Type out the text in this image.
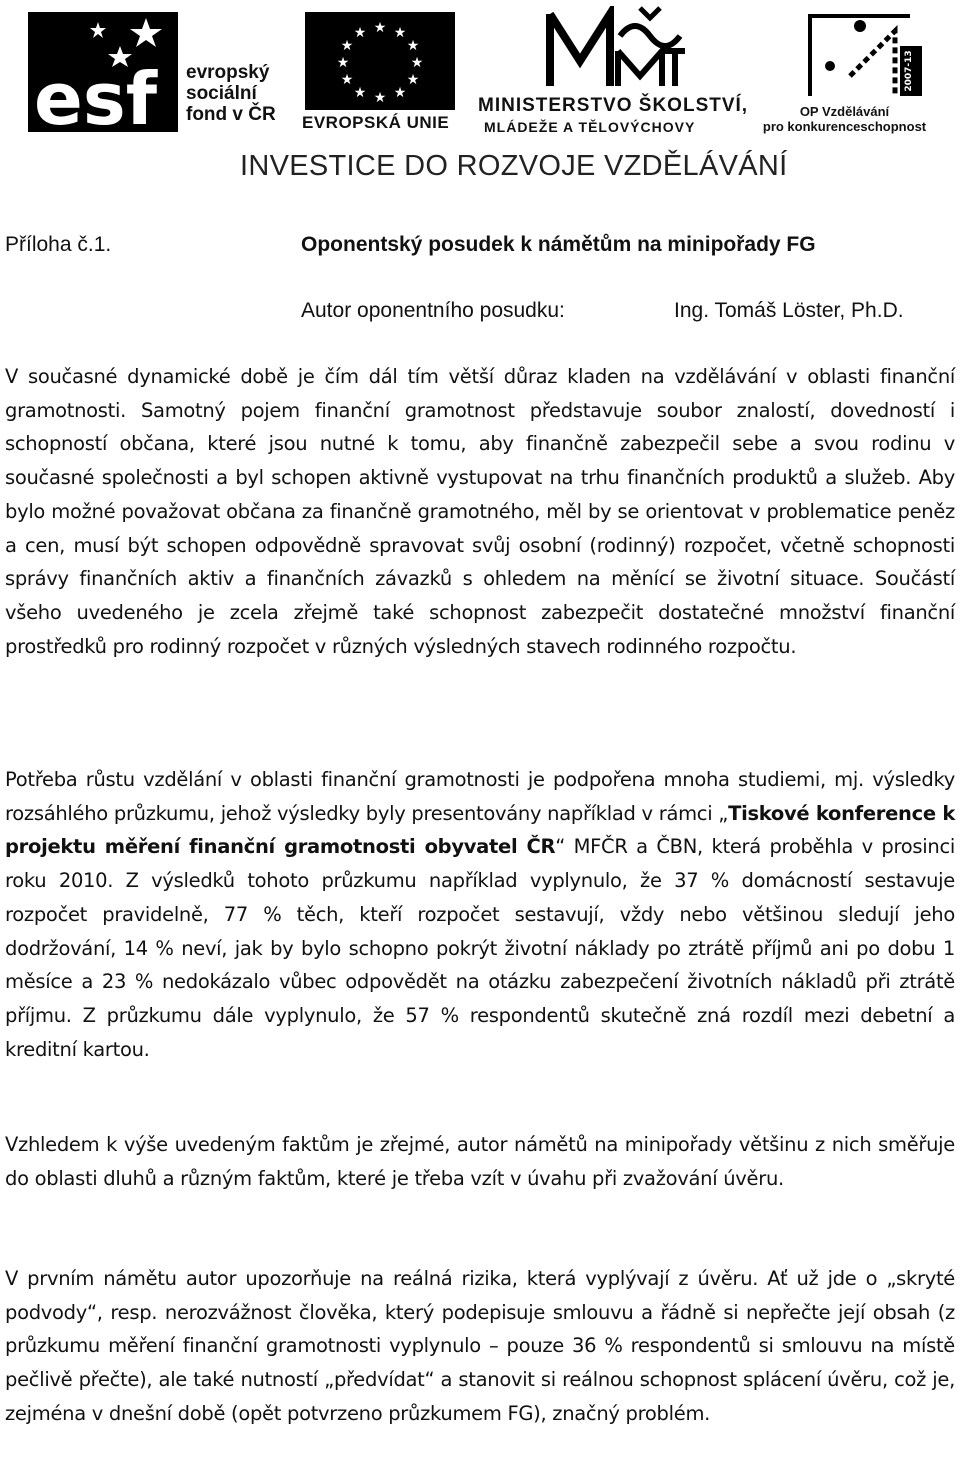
esf evropský
sociální
fond v ČR
★ ★
★
★
★
★
★
★
★
★
★
★
EVROPSKÁ UNIE
MINISTERSTVO ŠKOLSTVÍ,
MLÁDEŽE A TĚLOVÝCHOVY
2007-13
OP Vzdělávání
pro konkurenceschopnost
INVESTICE DO ROZVOJE VZDĚLÁVÁNÍ
Příloha č.1.	Oponentský posudek k námětům na minipořady FG
Autor oponentního posudku:	Ing. Tomáš Löster, Ph.D.

V současné dynamické době je čím dál tím větší důraz kladen na vzdělávání v oblasti finanční gramotnosti. Samotný pojem finanční gramotnost představuje soubor znalostí, dovedností i schopností občana, které jsou nutné k tomu, aby finančně zabezpečil sebe a svou rodinu v současné společnosti a byl schopen aktivně vystupovat na trhu finančních produktů a služeb. Aby bylo možné považovat občana za finančně gramotného, měl by se orientovat v problematice peněz a cen, musí být schopen odpovědně spravovat svůj osobní (rodinný) rozpočet, včetně schopnosti správy finančních aktiv a finančních závazků s ohledem na měnící se životní situace. Součástí všeho uvedeného je zcela zřejmě také schopnost zabezpečit dostatečné množství finanční prostředků pro rodinný rozpočet v různých výsledných stavech rodinného rozpočtu.

Potřeba růstu vzdělání v oblasti finanční gramotnosti je podpořena mnoha studiemi, mj. výsledky rozsáhlého průzkumu, jehož výsledky byly presentovány například v rámci „Tiskové konference k projektu měření finanční gramotnosti obyvatel ČR“ MFČR a ČBN, která proběhla v prosinci roku 2010. Z výsledků tohoto průzkumu například vyplynulo, že 37 % domácností sestavuje rozpočet pravidelně, 77 % těch, kteří rozpočet sestavují, vždy nebo většinou sledují jeho dodržování, 14 % neví, jak by bylo schopno pokrýt životní náklady po ztrátě příjmů ani po dobu 1 měsíce a 23 % nedokázalo vůbec odpovědět na otázku zabezpečení životních nákladů při ztrátě příjmu. Z průzkumu dále vyplynulo, že 57 % respondentů skutečně zná rozdíl mezi debetní a kreditní kartou.

Vzhledem k výše uvedeným faktům je zřejmé, autor námětů na minipořady většinu z nich směřuje do oblasti dluhů a různým faktům, které je třeba vzít v úvahu při zvažování úvěru.

V prvním námětu autor upozorňuje na reálná rizika, která vyplývají z úvěru. Ať už jde o „skryté podvody“, resp. nerozvážnost člověka, který podepisuje smlouvu a řádně si nepřečte její obsah (z průzkumu měření finanční gramotnosti vyplynulo – pouze 36 % respondentů si smlouvu na místě pečlivě přečte), ale také nutností „předvídat“ a stanovit si reálnou schopnost splácení úvěru, což je, zejména v dnešní době (opět potvrzeno průzkumem FG), značný problém.
